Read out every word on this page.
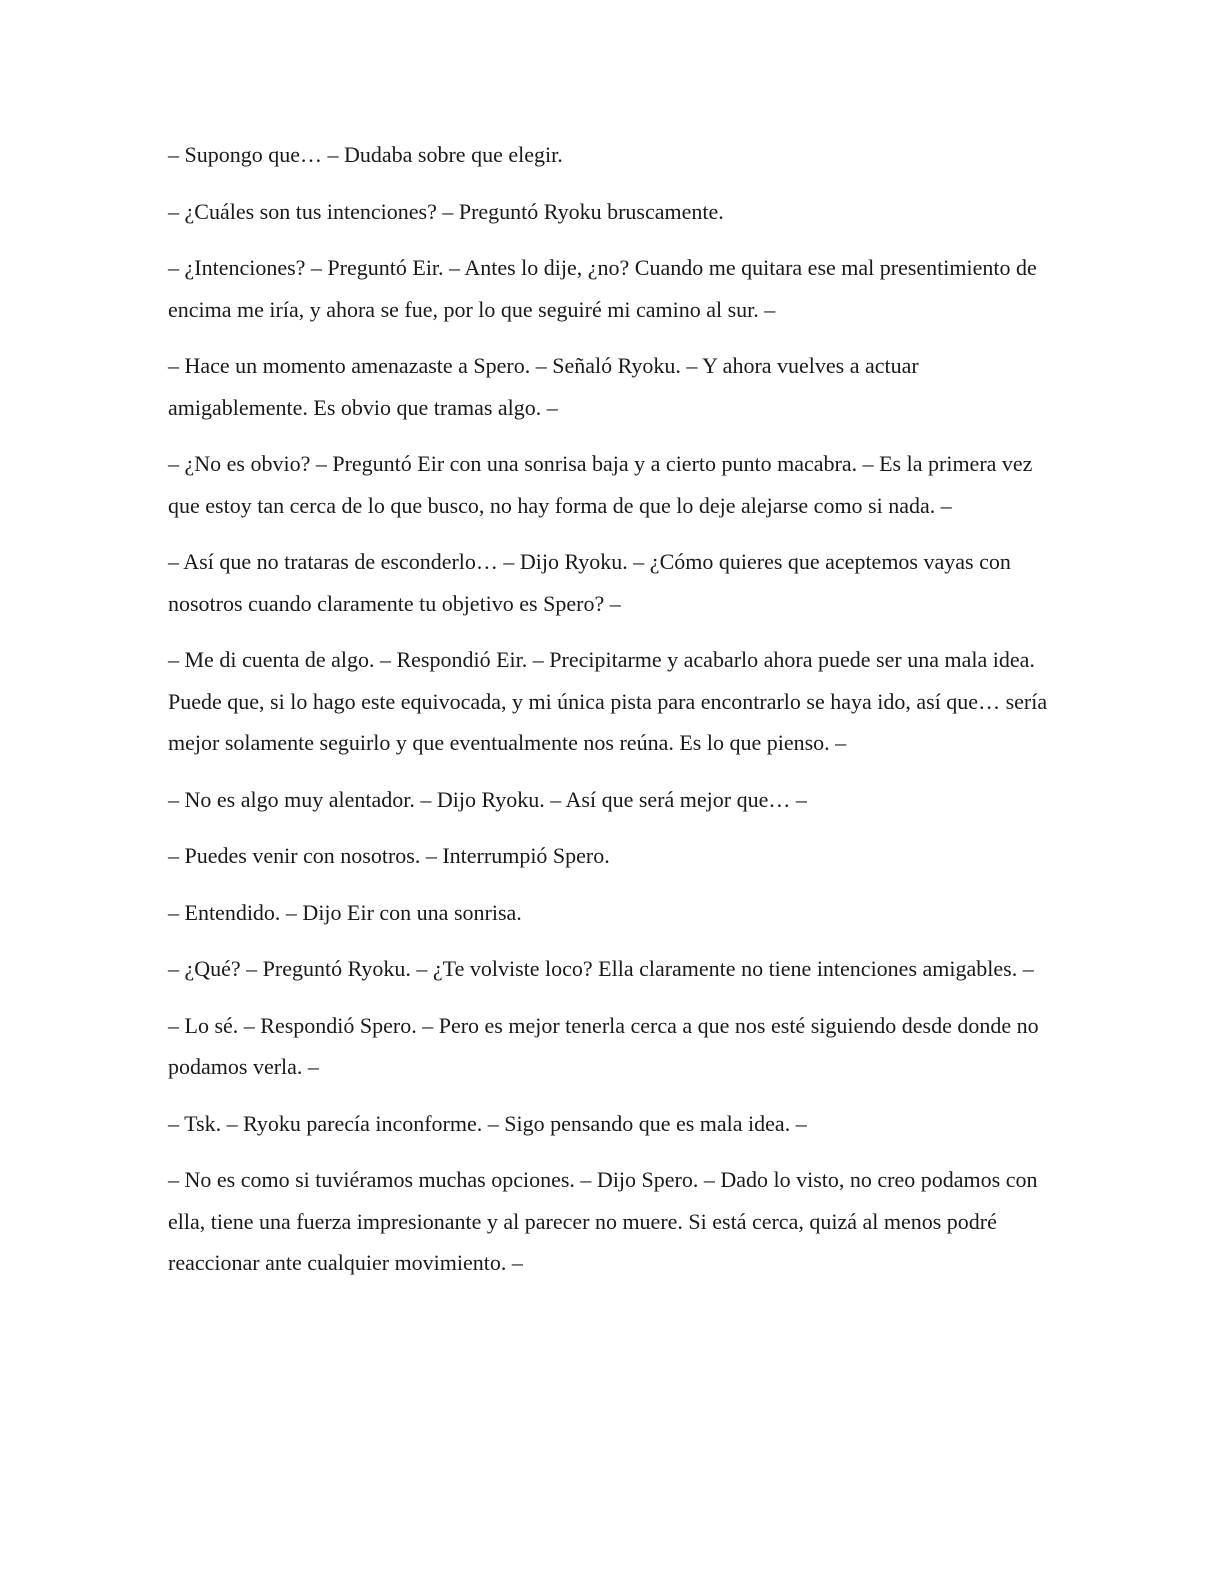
– Supongo que… – Dudaba sobre que elegir.

– ¿Cuáles son tus intenciones? – Preguntó Ryoku bruscamente.

– ¿Intenciones? – Preguntó Eir. – Antes lo dije, ¿no? Cuando me quitara ese mal presentimiento de encima me iría, y ahora se fue, por lo que seguiré mi camino al sur. –

– Hace un momento amenazaste a Spero. – Señaló Ryoku. – Y ahora vuelves a actuar amigablemente. Es obvio que tramas algo. –

– ¿No es obvio? – Preguntó Eir con una sonrisa baja y a cierto punto macabra. – Es la primera vez que estoy tan cerca de lo que busco, no hay forma de que lo deje alejarse como si nada. –

– Así que no trataras de esconderlo… – Dijo Ryoku. – ¿Cómo quieres que aceptemos vayas con nosotros cuando claramente tu objetivo es Spero? –

– Me di cuenta de algo. – Respondió Eir. – Precipitarme y acabarlo ahora puede ser una mala idea. Puede que, si lo hago este equivocada, y mi única pista para encontrarlo se haya ido, así que… sería mejor solamente seguirlo y que eventualmente nos reúna. Es lo que pienso. –

– No es algo muy alentador. – Dijo Ryoku. – Así que será mejor que… –

– Puedes venir con nosotros. – Interrumpió Spero.

– Entendido. – Dijo Eir con una sonrisa.

– ¿Qué? – Preguntó Ryoku. – ¿Te volviste loco? Ella claramente no tiene intenciones amigables. –

– Lo sé. – Respondió Spero. – Pero es mejor tenerla cerca a que nos esté siguiendo desde donde no podamos verla. –

– Tsk. – Ryoku parecía inconforme. – Sigo pensando que es mala idea. –

– No es como si tuviéramos muchas opciones. – Dijo Spero. – Dado lo visto, no creo podamos con ella, tiene una fuerza impresionante y al parecer no muere. Si está cerca, quizá al menos podré reaccionar ante cualquier movimiento. –
